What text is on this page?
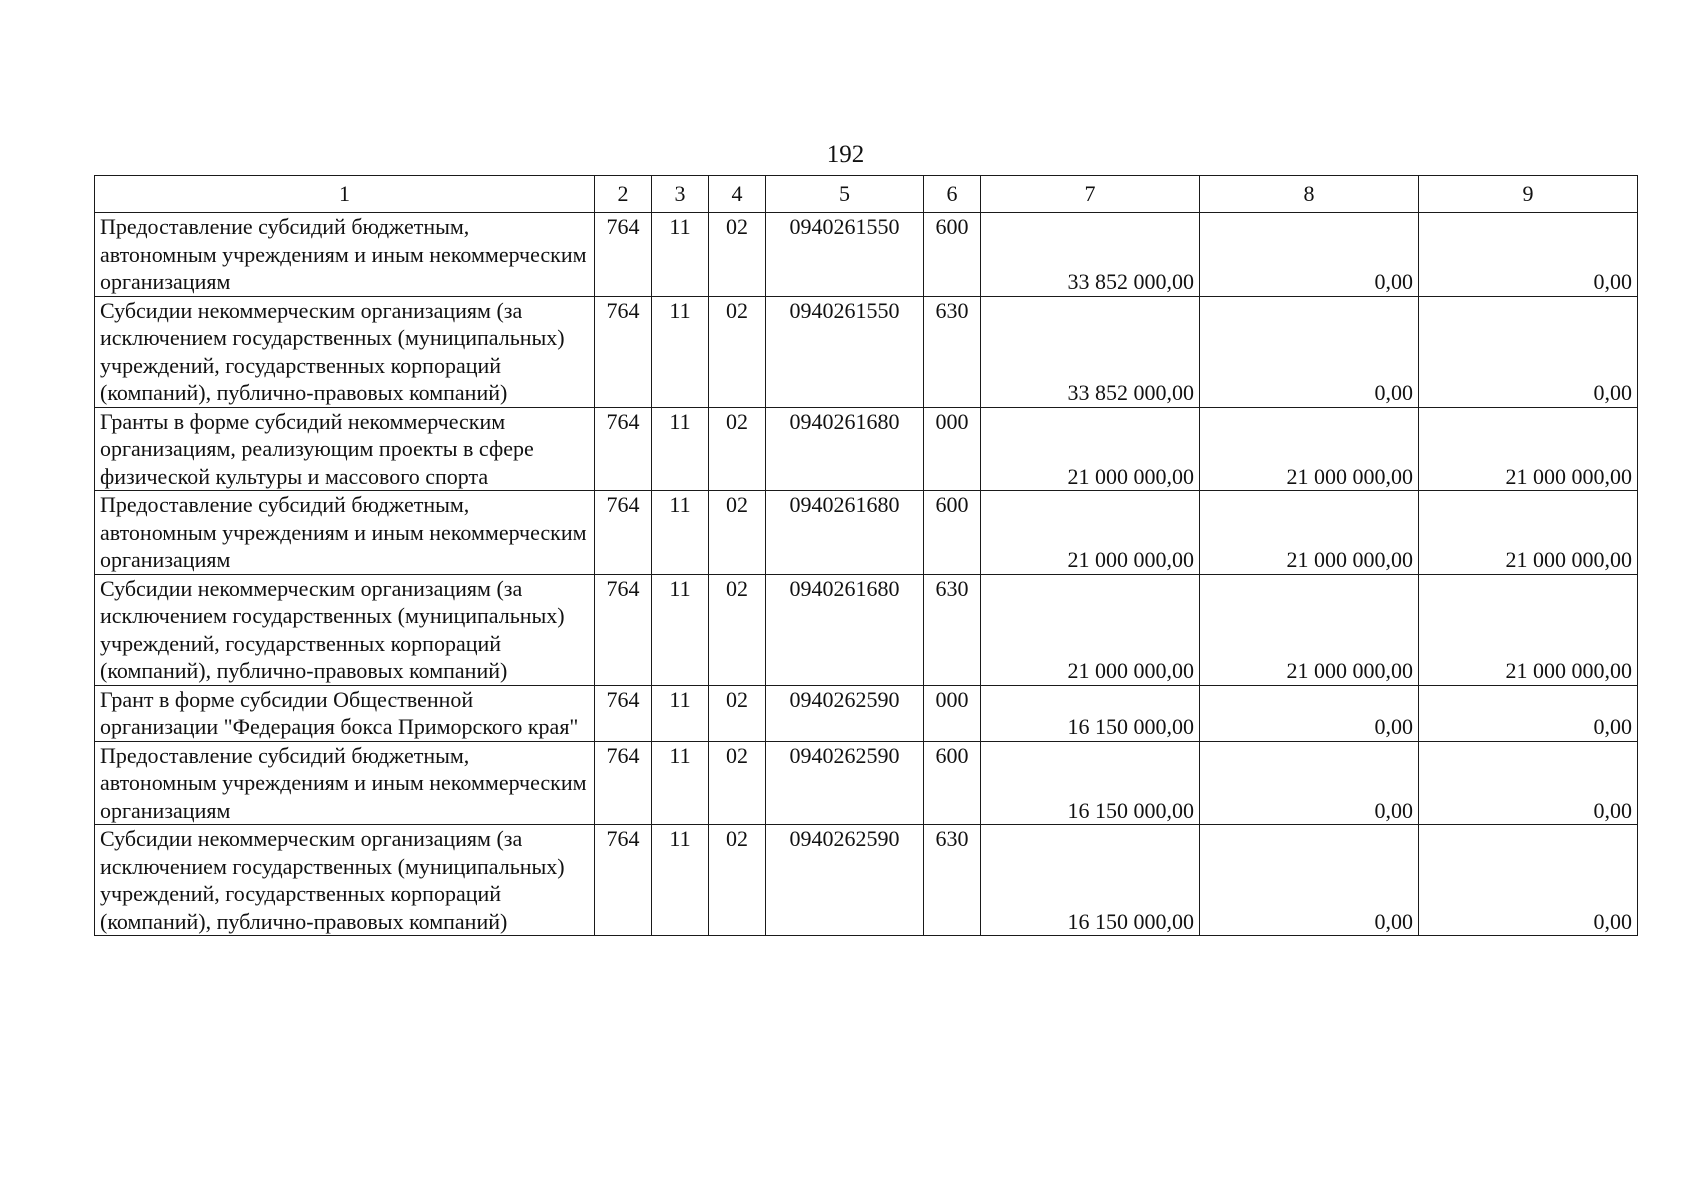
192
1	2	3	4	5	6	7	8	9
Предоставление субсидий бюджетным, автономным учреждениям и иным некоммерческим организациям	764	11	02	0940261550	600	33 852 000,00	0,00	0,00
Субсидии некоммерческим организациям (за исключением государственных (муниципальных) учреждений, государственных корпораций (компаний), публично-правовых компаний)	764	11	02	0940261550	630	33 852 000,00	0,00	0,00
Гранты в форме субсидий некоммерческим организациям, реализующим проекты в сфере физической культуры и массового спорта	764	11	02	0940261680	000	21 000 000,00	21 000 000,00	21 000 000,00
Предоставление субсидий бюджетным, автономным учреждениям и иным некоммерческим организациям	764	11	02	0940261680	600	21 000 000,00	21 000 000,00	21 000 000,00
Субсидии некоммерческим организациям (за исключением государственных (муниципальных) учреждений, государственных корпораций (компаний), публично-правовых компаний)	764	11	02	0940261680	630	21 000 000,00	21 000 000,00	21 000 000,00
Грант в форме субсидии Общественной организации "Федерация бокса Приморского края"	764	11	02	0940262590	000	16 150 000,00	0,00	0,00
Предоставление субсидий бюджетным, автономным учреждениям и иным некоммерческим организациям	764	11	02	0940262590	600	16 150 000,00	0,00	0,00
Субсидии некоммерческим организациям (за исключением государственных (муниципальных) учреждений, государственных корпораций (компаний), публично-правовых компаний)	764	11	02	0940262590	630	16 150 000,00	0,00	0,00
